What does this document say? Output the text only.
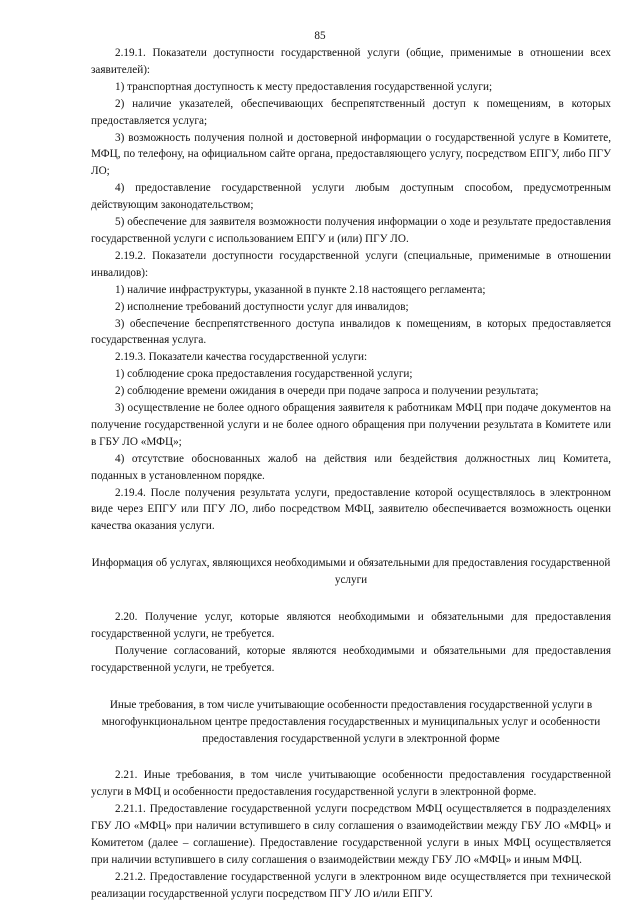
85

2.19.1. Показатели доступности государственной услуги (общие, применимые в отношении всех заявителей):

1) транспортная доступность к месту предоставления государственной услуги;

2) наличие указателей, обеспечивающих беспрепятственный доступ к помещениям, в которых предоставляется услуга;

3) возможность получения полной и достоверной информации о государственной услуге в Комитете, МФЦ, по телефону, на официальном сайте органа, предоставляющего услугу, посредством ЕПГУ, либо ПГУ ЛО;

4) предоставление государственной услуги любым доступным способом, предусмотренным действующим законодательством;

5) обеспечение для заявителя возможности получения информации о ходе и результате предоставления государственной услуги с использованием ЕПГУ и (или) ПГУ ЛО.

2.19.2. Показатели доступности государственной услуги (специальные, применимые в отношении инвалидов):

1) наличие инфраструктуры, указанной в пункте 2.18 настоящего регламента;

2) исполнение требований доступности услуг для инвалидов;

3) обеспечение беспрепятственного доступа инвалидов к помещениям, в которых предоставляется государственная услуга.

2.19.3. Показатели качества государственной услуги:

1) соблюдение срока предоставления государственной услуги;

2) соблюдение времени ожидания в очереди при подаче запроса и получении результата;

3) осуществление не более одного обращения заявителя к работникам МФЦ при подаче документов на получение государственной услуги и не более одного обращения при получении результата в Комитете или в ГБУ ЛО «МФЦ»;

4) отсутствие обоснованных жалоб на действия или бездействия должностных лиц Комитета, поданных в установленном порядке.

2.19.4. После получения результата услуги, предоставление которой осуществлялось в электронном виде через ЕПГУ или ПГУ ЛО, либо посредством МФЦ, заявителю обеспечивается возможность оценки качества оказания услуги.

Информация об услугах, являющихся необходимыми и обязательными для предоставления государственной услуги

2.20. Получение услуг, которые являются необходимыми и обязательными для предоставления государственной услуги, не требуется.

Получение согласований, которые являются необходимыми и обязательными для предоставления государственной услуги, не требуется.

Иные требования, в том числе учитывающие особенности предоставления государственной услуги в многофункциональном центре предоставления государственных и муниципальных услуг и особенности предоставления государственной услуги в электронной форме

2.21. Иные требования, в том числе учитывающие особенности предоставления государственной услуги в МФЦ и особенности предоставления государственной услуги в электронной форме.

2.21.1. Предоставление государственной услуги посредством МФЦ осуществляется в подразделениях ГБУ ЛО «МФЦ» при наличии вступившего в силу соглашения о взаимодействии между ГБУ ЛО «МФЦ» и Комитетом (далее – соглашение). Предоставление государственной услуги в иных МФЦ осуществляется при наличии вступившего в силу соглашения о взаимодействии между ГБУ ЛО «МФЦ» и иным МФЦ.

2.21.2. Предоставление государственной услуги в электронном виде осуществляется при технической реализации государственной услуги посредством ПГУ ЛО и/или ЕПГУ.
